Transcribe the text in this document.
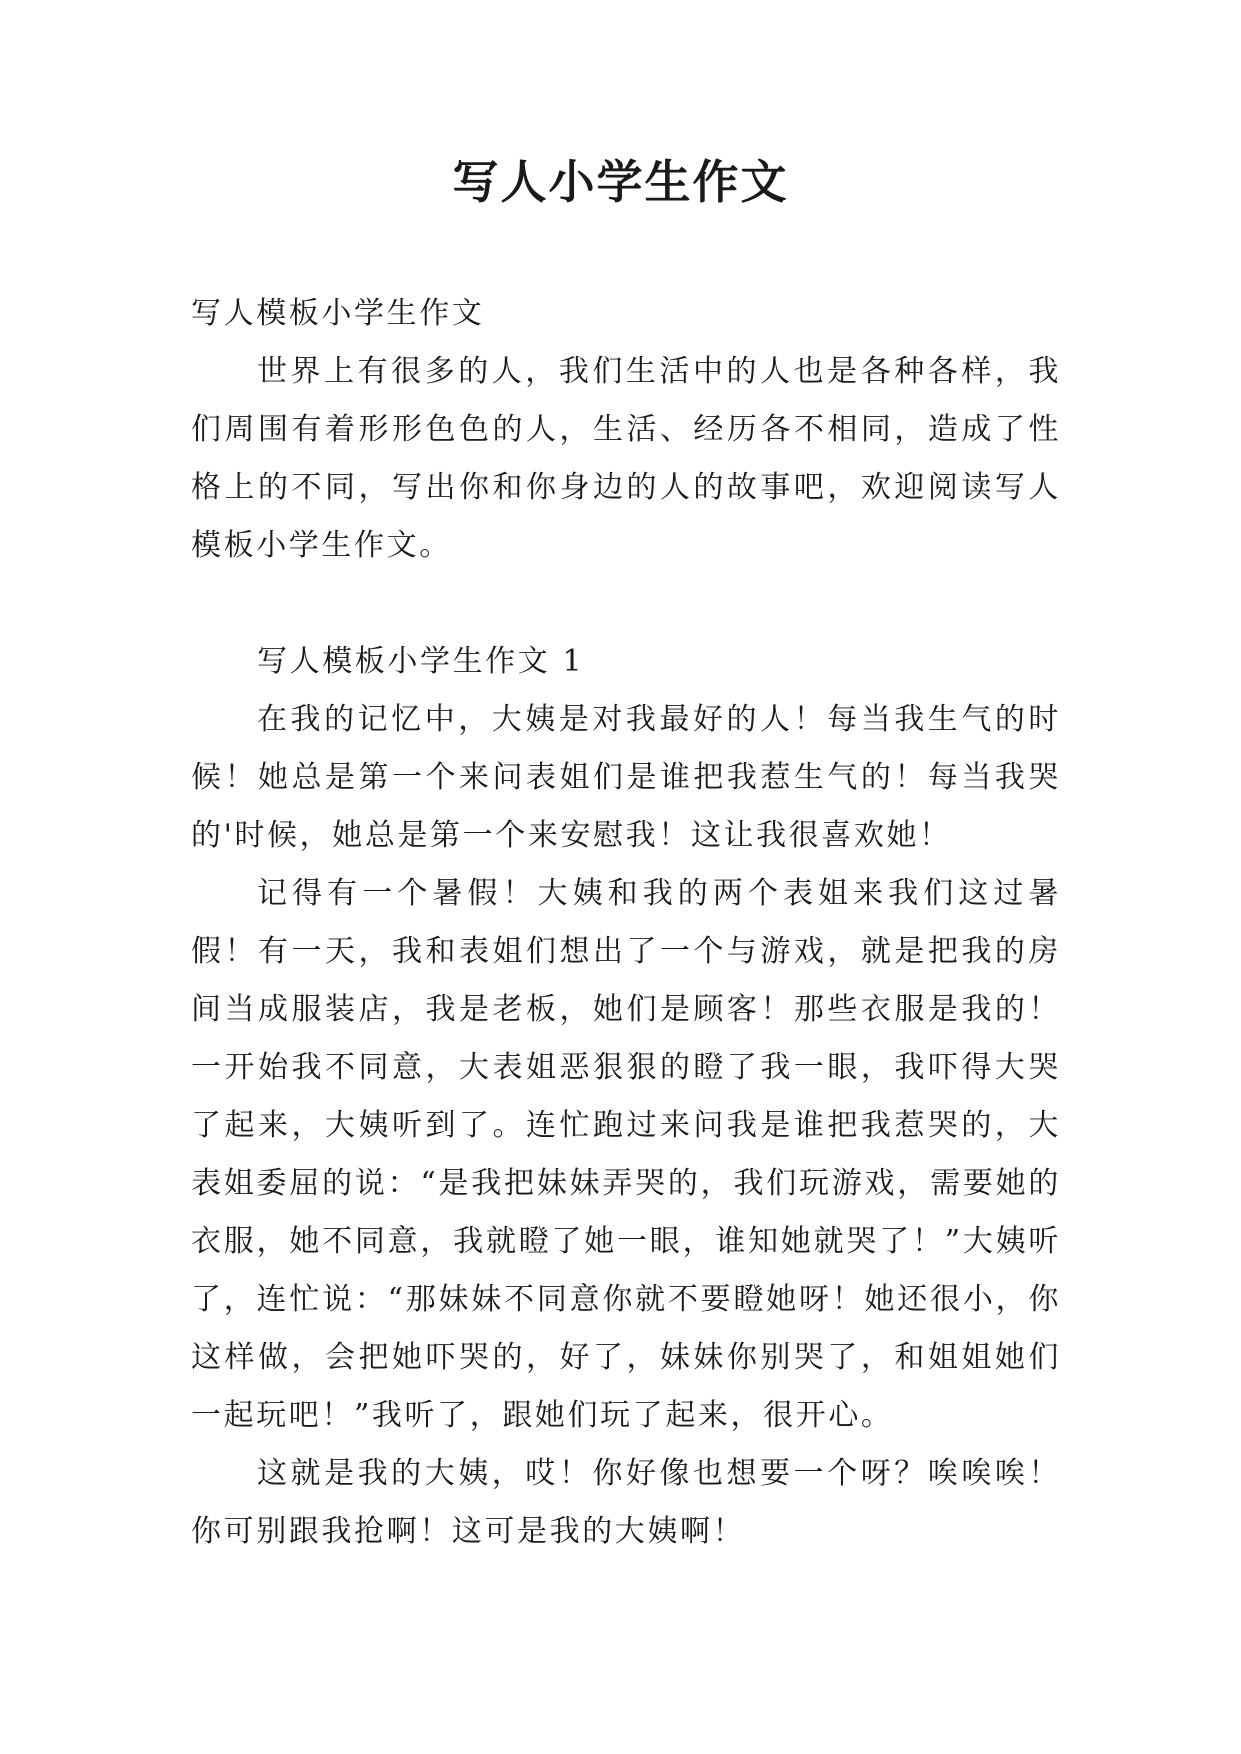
写人小学生作文

写人模板小学生作文

世界上有很多的人，我们生活中的人也是各种各样，我们周围有着形形色色的人，生活、经历各不相同，造成了性格上的不同，写出你和你身边的人的故事吧，欢迎阅读写人模板小学生作文。

写人模板小学生作文 1

在我的记忆中，大姨是对我最好的人！每当我生气的时候！她总是第一个来问表姐们是谁把我惹生气的！每当我哭的'时候，她总是第一个来安慰我！这让我很喜欢她！

记得有一个暑假！大姨和我的两个表姐来我们这过暑假！有一天，我和表姐们想出了一个与游戏，就是把我的房间当成服装店，我是老板，她们是顾客！那些衣服是我的！一开始我不同意，大表姐恶狠狠的瞪了我一眼，我吓得大哭了起来，大姨听到了。连忙跑过来问我是谁把我惹哭的，大表姐委屈的说：“是我把妹妹弄哭的，我们玩游戏，需要她的衣服，她不同意，我就瞪了她一眼，谁知她就哭了！”大姨听了，连忙说：“那妹妹不同意你就不要瞪她呀！她还很小，你这样做，会把她吓哭的，好了，妹妹你别哭了，和姐姐她们一起玩吧！”我听了，跟她们玩了起来，很开心。

这就是我的大姨，哎！你好像也想要一个呀？唉唉唉！你可别跟我抢啊！这可是我的大姨啊！
